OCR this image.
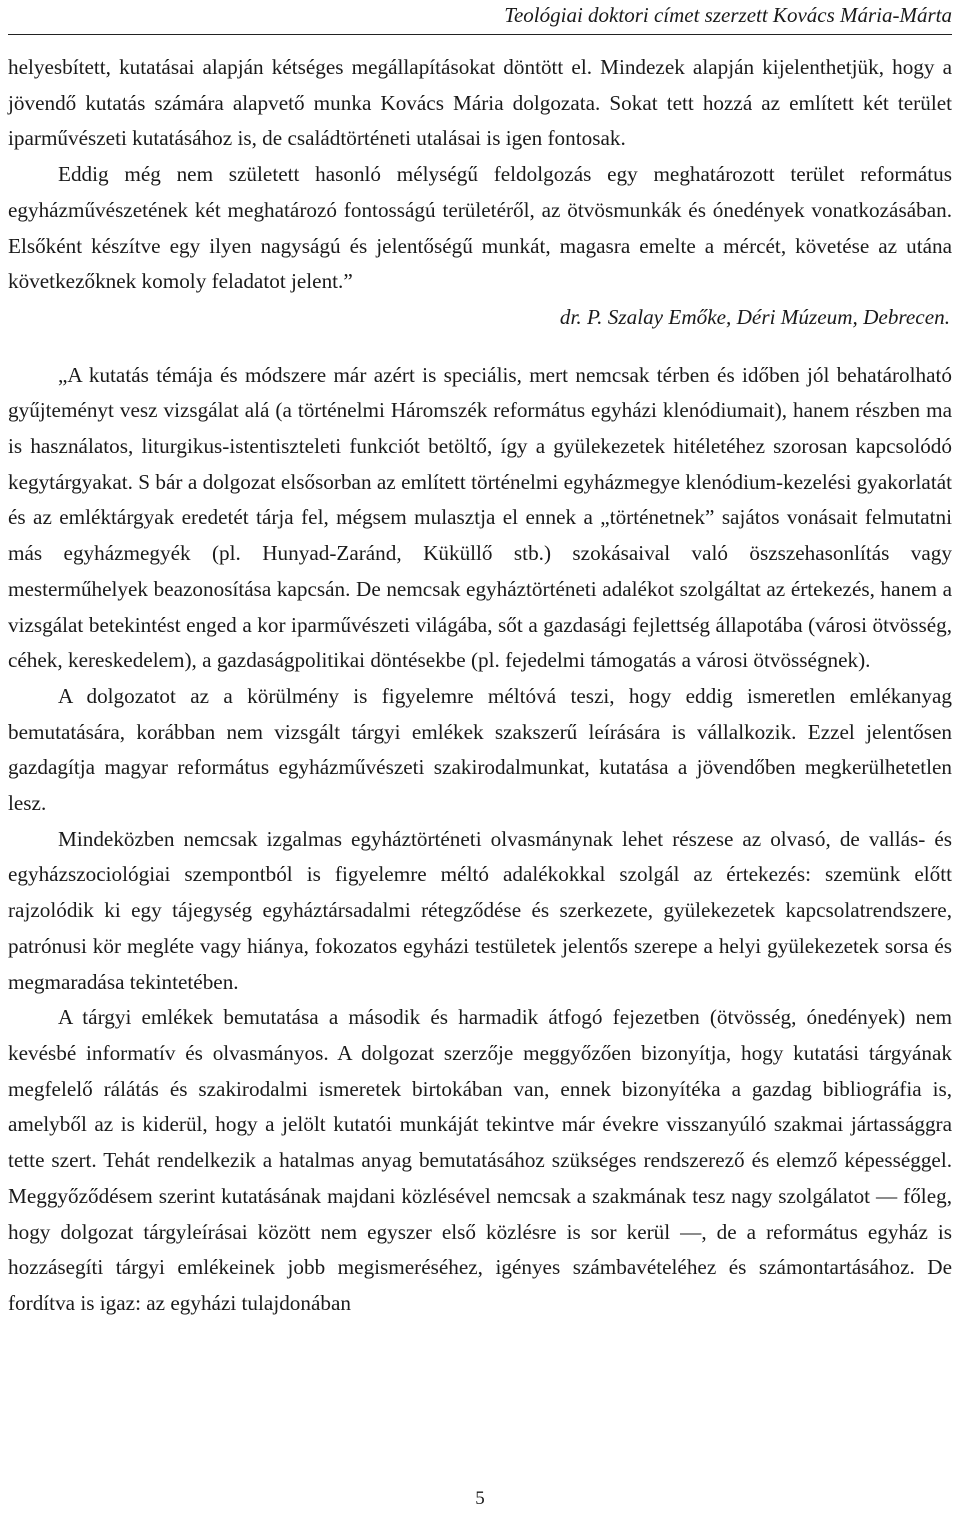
Teológiai doktori címet szerzett Kovács Mária-Márta

helyesbített, kutatásai alapján kétséges megállapításokat döntött el. Mindezek alapján kijelenthetjük, hogy a jövendő kutatás számára alapvető munka Kovács Mária dolgozata. Sokat tett hozzá az említett két terület iparművészeti kutatásához is, de családtörténeti utalásai is igen fontosak.

Eddig még nem született hasonló mélységű feldolgozás egy meghatározott terület református egyházművészetének két meghatározó fontosságú területéről, az ötvösmunkák és ónedények vonatkozásában. Elsőként készítve egy ilyen nagyságú és jelentőségű munkát, magasra emelte a mércét, követése az utána következőknek komoly feladatot jelent.”

dr. P. Szalay Emőke, Déri Múzeum, Debrecen.

„A kutatás témája és módszere már azért is speciális, mert nemcsak térben és időben jól behatárolható gyűjteményt vesz vizsgálat alá (a történelmi Háromszék református egyházi klenódiumait), hanem részben ma is használatos, liturgikus-istentiszteleti funkciót betöltő, így a gyülekezetek hitéletéhez szorosan kapcsolódó kegytárgyakat. S bár a dolgozat elsősorban az említett történelmi egyházmegye klenódium-kezelési gyakorlatát és az emléktárgyak eredetét tárja fel, mégsem mulasztja el ennek a „történetnek” sajátos vonásait felmutatni más egyházmegyék (pl. Hunyad-Zaránd, Küküllő stb.) szokásaival való öszszehasonlítás vagy mesterműhelyek beazonosítása kapcsán. De nemcsak egyháztörténeti adalékot szolgáltat az értekezés, hanem a vizsgálat betekintést enged a kor iparművészeti világába, sőt a gazdasági fejlettség állapotába (városi ötvösség, céhek, kereskedelem), a gazdaságpolitikai döntésekbe (pl. fejedelmi támogatás a városi ötvösségnek).

A dolgozatot az a körülmény is figyelemre méltóvá teszi, hogy eddig ismeretlen emlékanyag bemutatására, korábban nem vizsgált tárgyi emlékek szakszerű leírására is vállalkozik. Ezzel jelentősen gazdagítja magyar református egyházművészeti szakirodalmunkat, kutatása a jövendőben megkerülhetetlen lesz.

Mindeközben nemcsak izgalmas egyháztörténeti olvasmánynak lehet részese az olvasó, de vallás- és egyházszociológiai szempontból is figyelemre méltó adalékokkal szolgál az értekezés: szemünk előtt rajzolódik ki egy tájegység egyháztársadalmi rétegződése és szerkezete, gyülekezetek kapcsolatrendszere, patrónusi kör megléte vagy hiánya, fokozatos egyházi testületek jelentős szerepe a helyi gyülekezetek sorsa és megmaradása tekintetében.

A tárgyi emlékek bemutatása a második és harmadik átfogó fejezetben (ötvösség, ónedények) nem kevésbé informatív és olvasmányos. A dolgozat szerzője meggyőzően bizonyítja, hogy kutatási tárgyának megfelelő rálátás és szakirodalmi ismeretek birtokában van, ennek bizonyítéka a gazdag bibliográfia is, amelyből az is kiderül, hogy a jelölt kutatói munkáját tekintve már évekre visszanyúló szakmai jártassággra tette szert. Tehát rendelkezik a hatalmas anyag bemutatásához szükséges rendszerező és elemző képességgel. Meggyőződésem szerint kutatásának majdani közlésével nemcsak a szakmának tesz nagy szolgálatot — főleg, hogy dolgozat tárgyleírásai között nem egyszer első közlésre is sor kerül —, de a református egyház is hozzásegíti tárgyi emlékeinek jobb megismeréséhez, igényes számbavételéhez és számontartásához. De fordítva is igaz: az egyházi tulajdonában

5
